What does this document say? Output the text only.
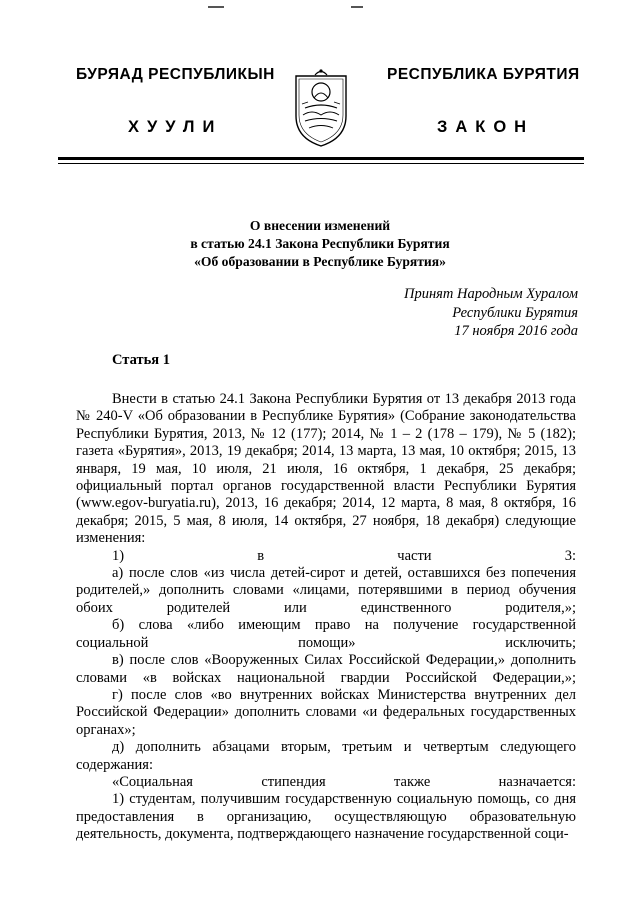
БУРЯАД РЕСПУБЛИКЫН	РЕСПУБЛИКА БУРЯТИЯ
ХУУЛИ	ЗАКОН
О внесении изменений
в статью 24.1 Закона Республики Бурятия
«Об образовании в Республике Бурятия»
Принят Народным Хуралом
Республики Бурятия
17 ноября 2016 года
Статья 1

Внести в статью 24.1 Закона Республики Бурятия от 13 декабря 2013 года № 240-V «Об образовании в Республике Бурятия» (Собрание законодательства Республики Бурятия, 2013, № 12 (177); 2014, № 1 – 2 (178 – 179), № 5 (182); газета «Бурятия», 2013, 19 декабря; 2014, 13 марта, 13 мая, 10 октября; 2015, 13 января, 19 мая, 10 июля, 21 июля, 16 октября, 1 декабря, 25 декабря; официальный портал органов государственной власти Республики Бурятия (www.egov-buryatia.ru), 2013, 16 декабря; 2014, 12 марта, 8 мая, 8 октября, 16 декабря; 2015, 5 мая, 8 июля, 14 октября, 27 ноября, 18 декабря) следующие изменения:

1) в части 3:

а) после слов «из числа детей-сирот и детей, оставшихся без попечения родителей,» дополнить словами «лицами, потерявшими в период обучения обоих родителей или единственного родителя,»;

б) слова «либо имеющим право на получение государственной социальной помощи» исключить;

в) после слов «Вооруженных Силах Российской Федерации,» дополнить словами «в войсках национальной гвардии Российской Федерации,»;

г) после слов «во внутренних войсках Министерства внутренних дел Российской Федерации» дополнить словами «и федеральных государственных органах»;

д) дополнить абзацами вторым, третьим и четвертым следующего содержания:

«Социальная стипендия также назначается:

1) студентам, получившим государственную социальную помощь, со дня предоставления в организацию, осуществляющую образовательную деятельность, документа, подтверждающего назначение государственной соци-
